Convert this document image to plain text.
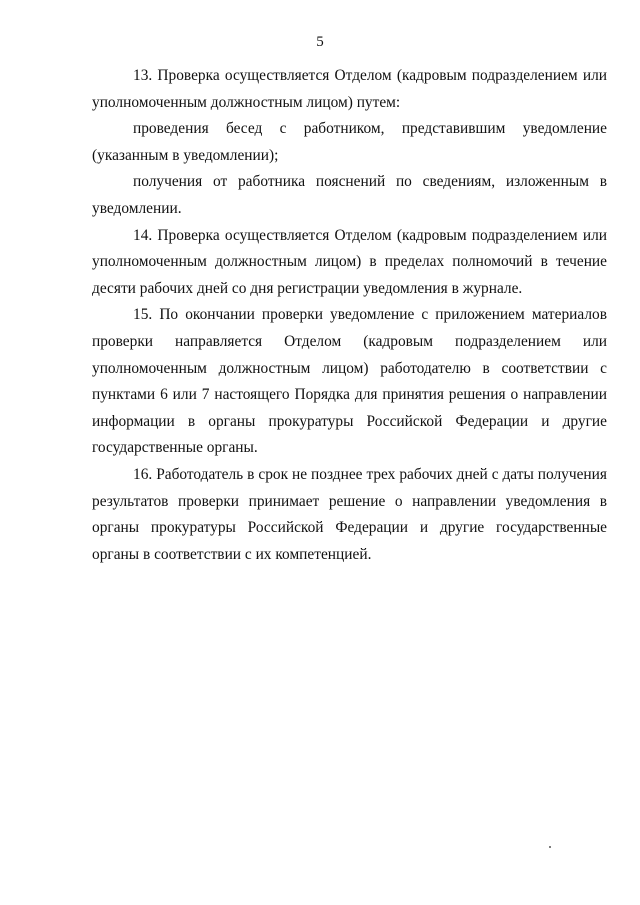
5

13. Проверка осуществляется Отделом (кадровым подразделением или уполномоченным должностным лицом) путем:

проведения бесед с работником, представившим уведомление (указанным в уведомлении);

получения от работника пояснений по сведениям, изложенным в уведомлении.

14. Проверка осуществляется Отделом (кадровым подразделением или уполномоченным должностным лицом) в пределах полномочий в течение десяти рабочих дней со дня регистрации уведомления в журнале.

15. По окончании проверки уведомление с приложением материалов проверки направляется Отделом (кадровым подразделением или уполномоченным должностным лицом) работодателю в соответствии с пунктами 6 или 7 настоящего Порядка для принятия решения о направлении информации в органы прокуратуры Российской Федерации и другие государственные органы.

16. Работодатель в срок не позднее трех рабочих дней с даты получения результатов проверки принимает решение о направлении уведомления в органы прокуратуры Российской Федерации и другие государственные органы в соответствии с их компетенцией.
